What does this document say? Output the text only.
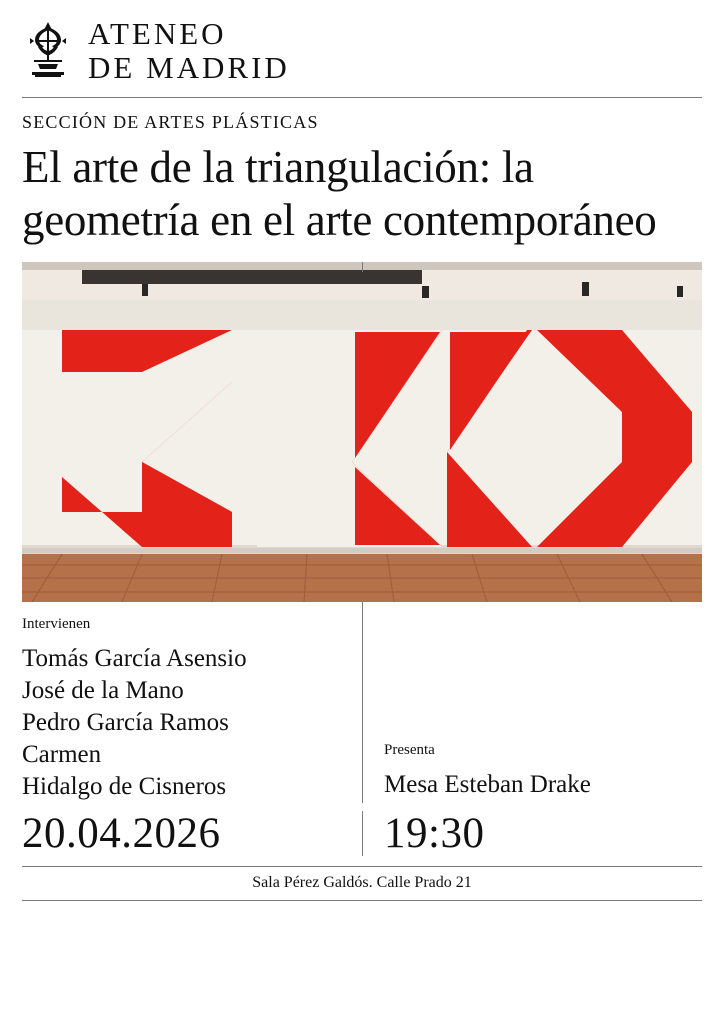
ATENEO
DE MADRID
SECCIÓN DE ARTES PLÁSTICAS
El arte de la triangulación: la geometría en el arte contemporáneo
Intervienen
Tomás García Asensio
José de la Mano
Pedro García Ramos
Carmen
Hidalgo de Cisneros
Presenta
Mesa Esteban Drake
20.04.2026	19:30
Sala Pérez Galdós. Calle Prado 21
